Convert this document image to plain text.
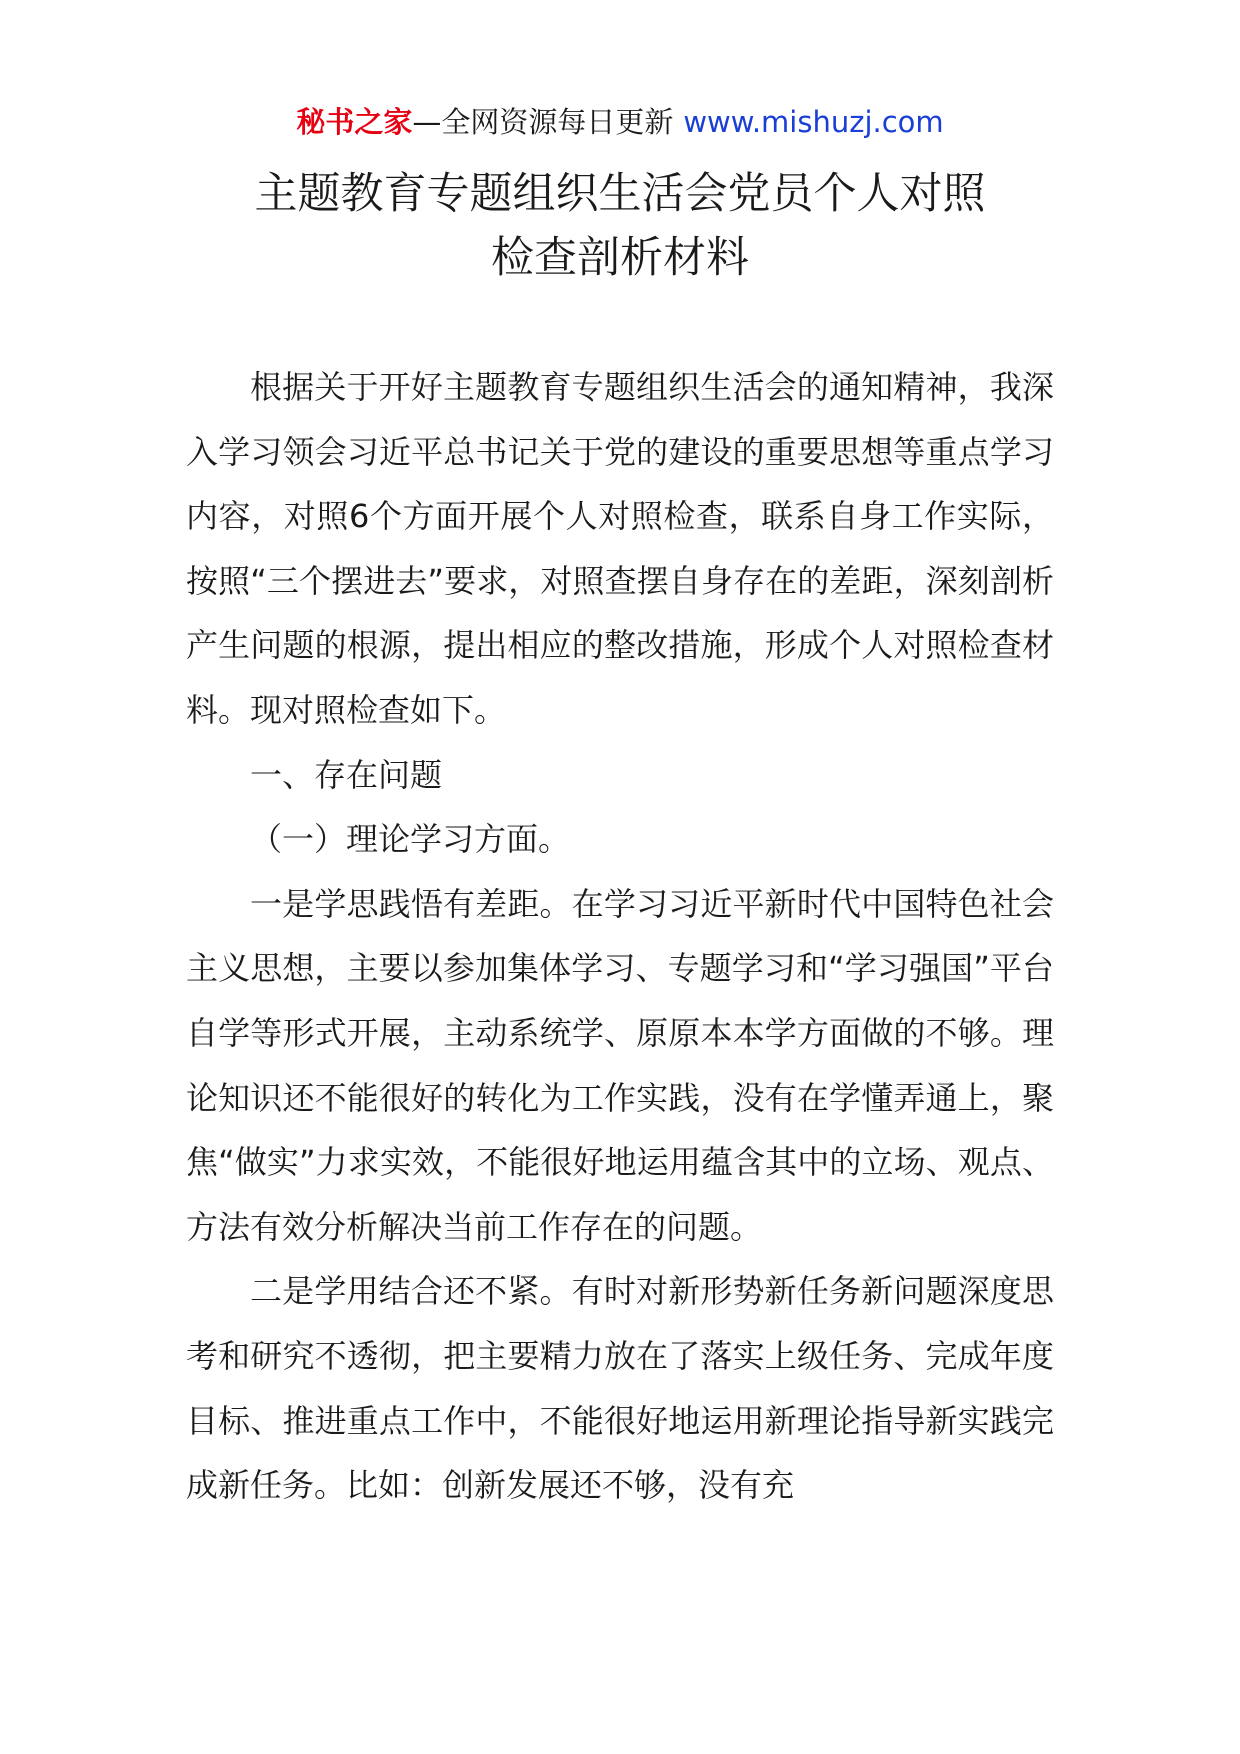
秘书之家—全网资源每日更新 www.mishuzj.com
主题教育专题组织生活会党员个人对照
检查剖析材料

根据关于开好主题教育专题组织生活会的通知精神，我深入学习领会习近平总书记关于党的建设的重要思想等重点学习内容，对照6个方面开展个人对照检查，联系自身工作实际，按照“三个摆进去”要求，对照查摆自身存在的差距，深刻剖析产生问题的根源，提出相应的整改措施，形成个人对照检查材料。现对照检查如下。

一、存在问题

（一）理论学习方面。

一是学思践悟有差距。在学习习近平新时代中国特色社会主义思想，主要以参加集体学习、专题学习和“学习强国”平台自学等形式开展，主动系统学、原原本本学方面做的不够。理论知识还不能很好的转化为工作实践，没有在学懂弄通上，聚焦“做实”力求实效，不能很好地运用蕴含其中的立场、观点、方法有效分析解决当前工作存在的问题。

二是学用结合还不紧。有时对新形势新任务新问题深度思考和研究不透彻，把主要精力放在了落实上级任务、完成年度目标、推进重点工作中，不能很好地运用新理论指导新实践完成新任务。比如：创新发展还不够，没有充
